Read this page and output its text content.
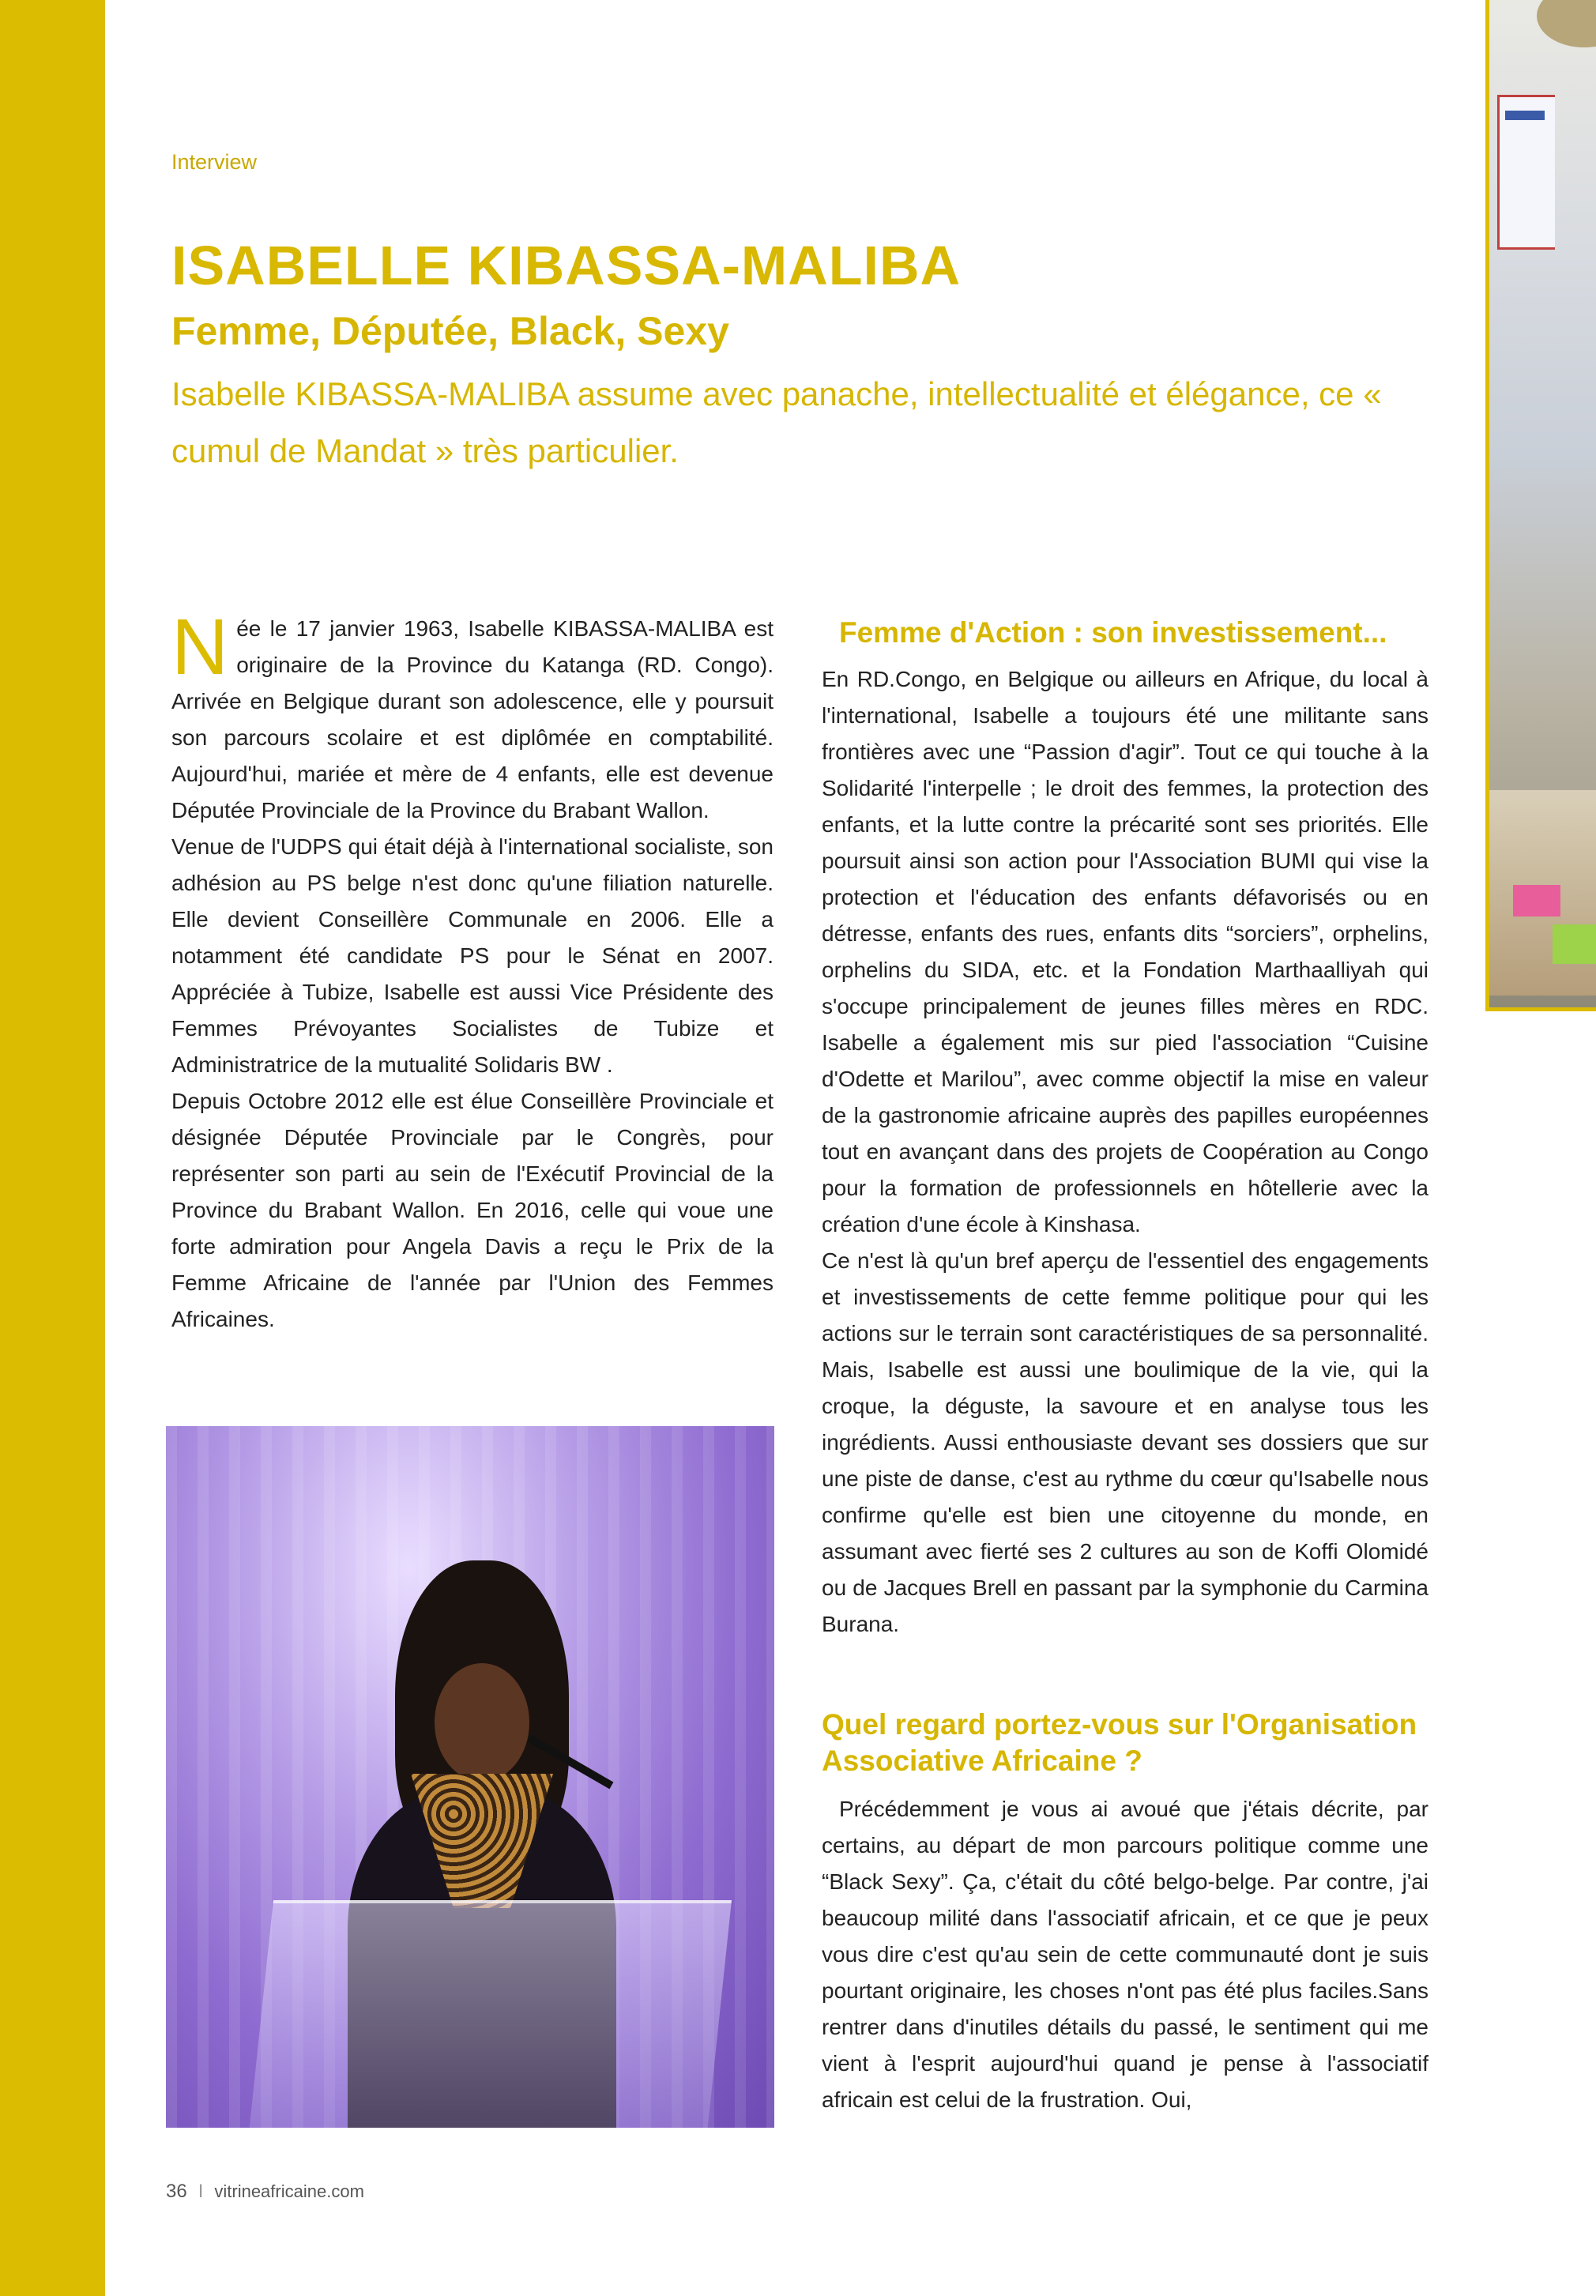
Interview
ISABELLE KIBASSA-MALIBA
Femme, Députée, Black, Sexy

Isabelle KIBASSA-MALIBA assume avec panache, intellectualité et élégance, ce « cumul de Mandat » très particulier.

Née le 17 janvier 1963, Isabelle KIBASSA-MALIBA est originaire de la Province du Katanga (RD. Congo). Arrivée en Belgique durant son adolescence, elle y poursuit son parcours scolaire et est diplômée en comptabilité. Aujourd'hui, mariée et mère de 4 enfants, elle est devenue Députée Provinciale de la Province du Brabant Wallon.

Venue de l'UDPS qui était déjà à l'international socialiste, son adhésion au PS belge n'est donc qu'une filiation naturelle. Elle devient Conseillère Communale en 2006. Elle a notamment été candidate PS pour le Sénat en 2007. Appréciée à Tubize, Isabelle est aussi Vice Présidente des Femmes Prévoyantes Socialistes de Tubize et Administratrice de la mutualité Solidaris BW .

Depuis Octobre 2012 elle est élue Conseillère Provinciale et désignée Députée Provinciale par le Congrès, pour représenter son parti au sein de l'Exécutif Provincial de la Province du Brabant Wallon. En 2016, celle qui voue une forte admiration pour Angela Davis a reçu le Prix de la Femme Africaine de l'année par l'Union des Femmes Africaines.

Femme d'Action : son investissement...

En RD.Congo, en Belgique ou ailleurs en Afrique, du local à l'international, Isabelle a toujours été une militante sans frontières avec une “Passion d'agir”. Tout ce qui touche à la Solidarité l'interpelle ; le droit des femmes, la protection des enfants, et la lutte contre la précarité sont ses priorités. Elle poursuit ainsi son action pour l'Association BUMI qui vise la protection et l'éducation des enfants défavorisés ou en détresse, enfants des rues, enfants dits “sorciers”, orphelins, orphelins du SIDA, etc. et la Fondation Marthaalliyah qui s'occupe principalement de jeunes filles mères en RDC. Isabelle a également mis sur pied l'association “Cuisine d'Odette et Marilou”, avec comme objectif la mise en valeur de la gastronomie africaine auprès des papilles européennes tout en avançant dans des projets de Coopération au Congo pour la formation de professionnels en hôtellerie avec la création d'une école à Kinshasa.

Ce n'est là qu'un bref aperçu de l'essentiel des engagements et investissements de cette femme politique pour qui les actions sur le terrain sont caractéristiques de sa personnalité. Mais, Isabelle est aussi une boulimique de la vie, qui la croque, la déguste, la savoure et en analyse tous les ingrédients. Aussi enthousiaste devant ses dossiers que sur une piste de danse, c'est au rythme du cœur qu'Isabelle nous confirme qu'elle est bien une citoyenne du monde, en assumant avec fierté ses 2 cultures au son de Koffi Olomidé ou de Jacques Brell en passant par la symphonie du Carmina Burana.

Quel regard portez-vous sur l'Organisation Associative Africaine ?

Précédemment je vous ai avoué que j'étais décrite, par certains, au départ de mon parcours politique comme une “Black Sexy”. Ça, c'était du côté belgo-belge. Par contre, j'ai beaucoup milité dans l'associatif africain, et ce que je peux vous dire c'est qu'au sein de cette communauté dont je suis pourtant originaire, les choses n'ont pas été plus faciles.Sans rentrer dans d'inutiles détails du passé, le sentiment qui me vient à l'esprit aujourd'hui quand je pense à l'associatif africain est celui de la frustration. Oui,

36 I vitrineafricaine.com
